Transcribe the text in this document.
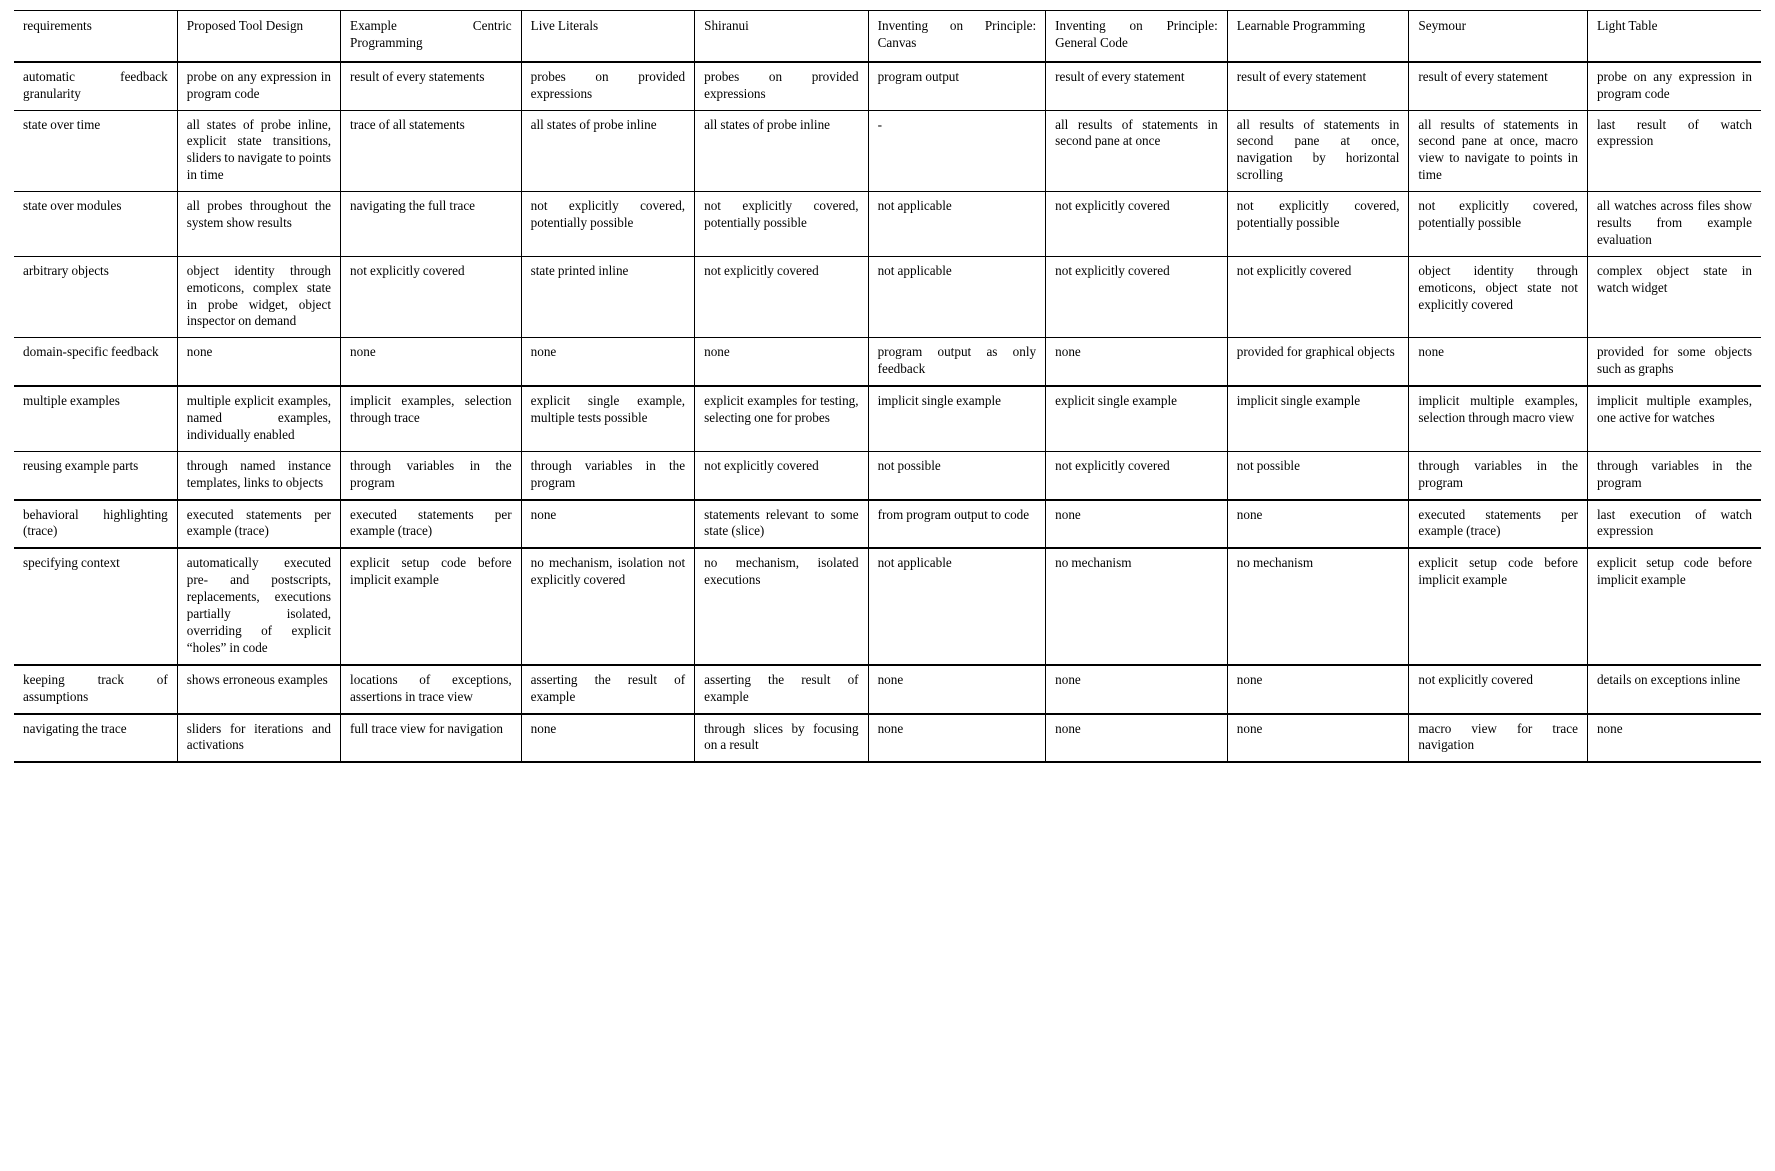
requirements	Proposed Tool Design	Example Centric Programming	Live Literals	Shiranui	Inventing on Principle: Canvas	Inventing on Principle: General Code	Learnable Programming	Seymour	Light Table
automatic feedback granularity	probe on any expression in program code	result of every statements	probes on provided expressions	probes on provided expressions	program output	result of every statement	result of every statement	result of every statement	probe on any expression in program code
state over time	all states of probe inline, explicit state transitions, sliders to navigate to points in time	trace of all statements	all states of probe inline	all states of probe inline	-	all results of statements in second pane at once	all results of statements in second pane at once, navigation by horizontal scrolling	all results of statements in second pane at once, macro view to navigate to points in time	last result of watch expression
state over modules	all probes throughout the system show results	navigating the full trace	not explicitly covered, potentially possible	not explicitly covered, potentially possible	not applicable	not explicitly covered	not explicitly covered, potentially possible	not explicitly covered, potentially possible	all watches across files show results from example evaluation
arbitrary objects	object identity through emoticons, complex state in probe widget, object inspector on demand	not explicitly covered	state printed inline	not explicitly covered	not applicable	not explicitly covered	not explicitly covered	object identity through emoticons, object state not explicitly covered	complex object state in watch widget
domain-specific feedback	none	none	none	none	program output as only feedback	none	provided for graphical objects	none	provided for some objects such as graphs
multiple examples	multiple explicit examples, named examples, individually enabled	implicit examples, selection through trace	explicit single example, multiple tests possible	explicit examples for testing, selecting one for probes	implicit single example	explicit single example	implicit single example	implicit multiple examples, selection through macro view	implicit multiple examples, one active for watches
reusing example parts	through named instance templates, links to objects	through variables in the program	through variables in the program	not explicitly covered	not possible	not explicitly covered	not possible	through variables in the program	through variables in the program
behavioral highlighting (trace)	executed statements per example (trace)	executed statements per example (trace)	none	statements relevant to some state (slice)	from program output to code	none	none	executed statements per example (trace)	last execution of watch expression
specifying context	automatically executed pre- and postscripts, replacements, executions partially isolated, overriding of explicit “holes” in code	explicit setup code before implicit example	no mechanism, isolation not explicitly covered	no mechanism, isolated executions	not applicable	no mechanism	no mechanism	explicit setup code before implicit example	explicit setup code before implicit example
keeping track of assumptions	shows erroneous examples	locations of exceptions, assertions in trace view	asserting the result of example	asserting the result of example	none	none	none	not explicitly covered	details on exceptions inline
navigating the trace	sliders for iterations and activations	full trace view for navigation	none	through slices by focusing on a result	none	none	none	macro view for trace navigation	none
